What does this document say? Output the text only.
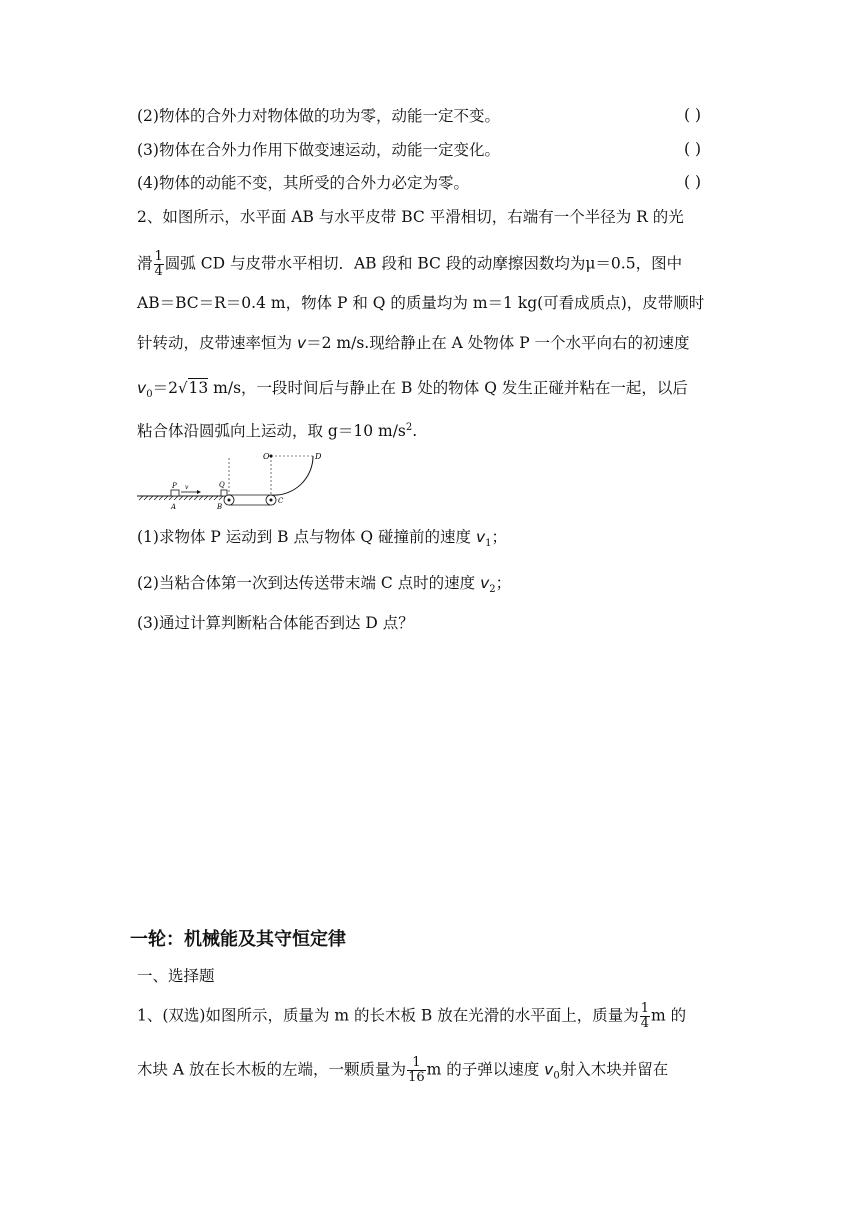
(2)物体的合外力对物体做的功为零，动能一定不变。	( )
(3)物体在合外力作用下做变速运动，动能一定变化。	( )
(4)物体的动能不变，其所受的合外力必定为零。	( )
2、如图所示，水平面 AB 与水平皮带 BC 平滑相切，右端有一个半径为 R 的光
滑 $\frac{1}{4}$ 圆弧 CD 与皮带水平相切．AB 段和 BC 段的动摩擦因数均为μ＝0.5，图中
AB＝BC＝R＝0.4 m，物体 P 和 Q 的质量均为 m＝1 kg(可看成质点)，皮带顺时
针转动，皮带速率恒为 v＝2 m/s.现给静止在 A 处物体 P 一个水平向右的初速度
$v_0=2√13$ m/s，一段时间后与静止在 B 处的物体 Q 发生正碰并粘在一起，以后
粘合体沿圆弧向上运动，取 g＝10 $m/s^2$.
O	D
P v	Q
A	B
C
(1)求物体 P 运动到 B 点与物体 Q 碰撞前的速度 $v_1$；
(2)当粘合体第一次到达传送带末端 C 点时的速度 $v_2$；
(3)通过计算判断粘合体能否到达 D 点？
一轮：机械能及其守恒定律
一、选择题
1、(双选)如图所示，质量为 m 的长木板 B 放在光滑的水平面上，质量为 $\frac{1}{4}$ m 的
木块 A 放在长木板的左端，一颗质量为 $\frac{1}{16}$ m 的子弹以速度 $v_0$射入木块并留在
